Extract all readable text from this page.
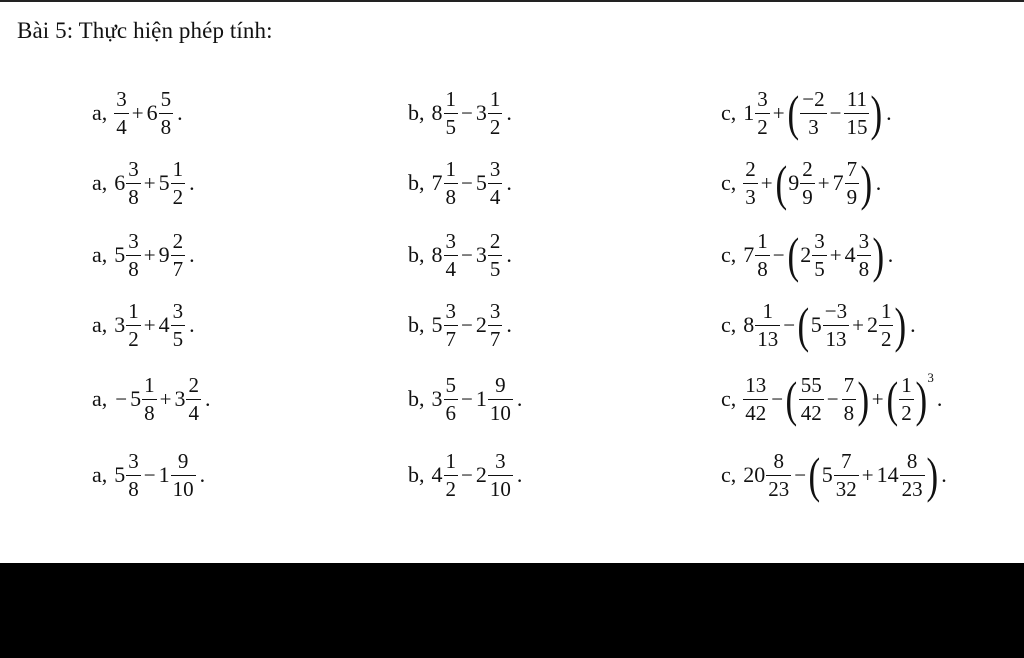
Bài 5: Thực hiện phép tính:
a, $\frac{3}{4} + 6 \frac{5}{8}$ .	b, $8 \frac{1}{5} - 3 \frac{1}{2}$ .	c, $1 \frac{3}{2}$ + ( $\frac{-2}{3} - \frac{11}{15}$ ) .
a, $6 \frac{3}{8} + 5 \frac{1}{2}$ .	b, $7 \frac{1}{8} - 5 \frac{3}{4}$ .	c, $\frac{2}{3}$ + ( $9 \frac{2}{9} + 7 \frac{7}{9}$ ) .
a, $5 \frac{3}{8} + 9 \frac{2}{7}$ .	b, $8 \frac{3}{4} - 3 \frac{2}{5}$ .	c, $7 \frac{1}{8}$ − ( $2 \frac{3}{5} + 4 \frac{3}{8}$ ) .
a, $3 \frac{1}{2} + 4 \frac{3}{5}$ .	b, $5 \frac{3}{7} - 2 \frac{3}{7}$ .	c, $8 \frac{1}{13}$ − ( $5 \frac{-3}{13} + 2 \frac{1}{2}$ ) .
a, − $5 \frac{1}{8} + 3 \frac{2}{4}$ .	b, $3 \frac{5}{6} - 1 \frac{9}{10}$ .	c, $\frac{13}{42}$ − ( $\frac{55}{42} - \frac{7}{8}$ ) + ( $\frac{1}{2}$ ) 3
.
a, $5 \frac{3}{8} - 1 \frac{9}{10}$ .	b, $4 \frac{1}{2} - 2 \frac{3}{10}$ .	c, $20 \frac{8}{23}$ − ( $5 \frac{7}{32} + 14 \frac{8}{23}$ ) .
